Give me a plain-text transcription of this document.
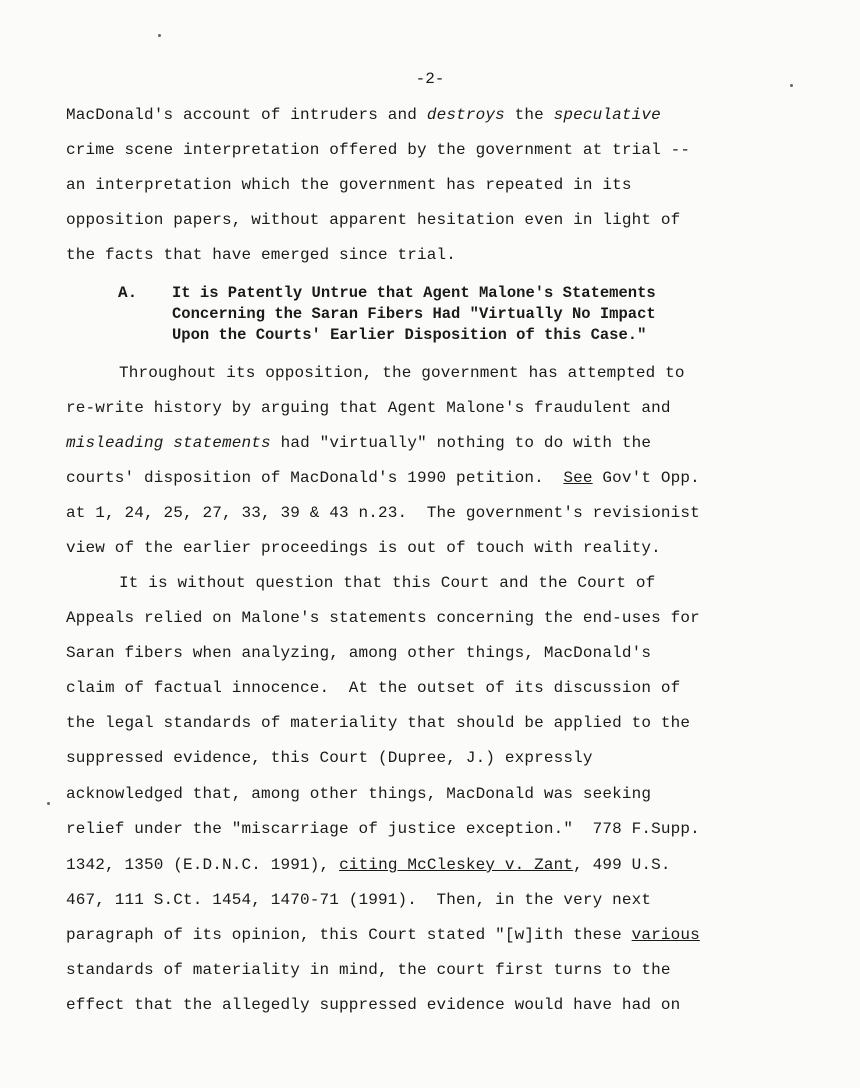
-2-
MacDonald's account of intruders and destroys the speculative
crime scene interpretation offered by the government at trial --
an interpretation which the government has repeated in its
opposition papers, without apparent hesitation even in light of
the facts that have emerged since trial.
A. It is Patently Untrue that Agent Malone's Statements
Concerning the Saran Fibers Had "Virtually No Impact
Upon the Courts' Earlier Disposition of this Case."
Throughout its opposition, the government has attempted to
re-write history by arguing that Agent Malone's fraudulent and
misleading statements had "virtually" nothing to do with the
courts' disposition of MacDonald's 1990 petition. See Gov't Opp.
at 1, 24, 25, 27, 33, 39 & 43 n.23.  The government's revisionist
view of the earlier proceedings is out of touch with reality.
It is without question that this Court and the Court of
Appeals relied on Malone's statements concerning the end-uses for
Saran fibers when analyzing, among other things, MacDonald's
claim of factual innocence.  At the outset of its discussion of
the legal standards of materiality that should be applied to the
suppressed evidence, this Court (Dupree, J.) expressly
acknowledged that, among other things, MacDonald was seeking
relief under the "miscarriage of justice exception."  778 F.Supp.
1342, 1350 (E.D.N.C. 1991), citing McCleskey v. Zant, 499 U.S.
467, 111 S.Ct. 1454, 1470-71 (1991).  Then, in the very next
paragraph of its opinion, this Court stated "[w]ith these various
standards of materiality in mind, the court first turns to the
effect that the allegedly suppressed evidence would have had on
